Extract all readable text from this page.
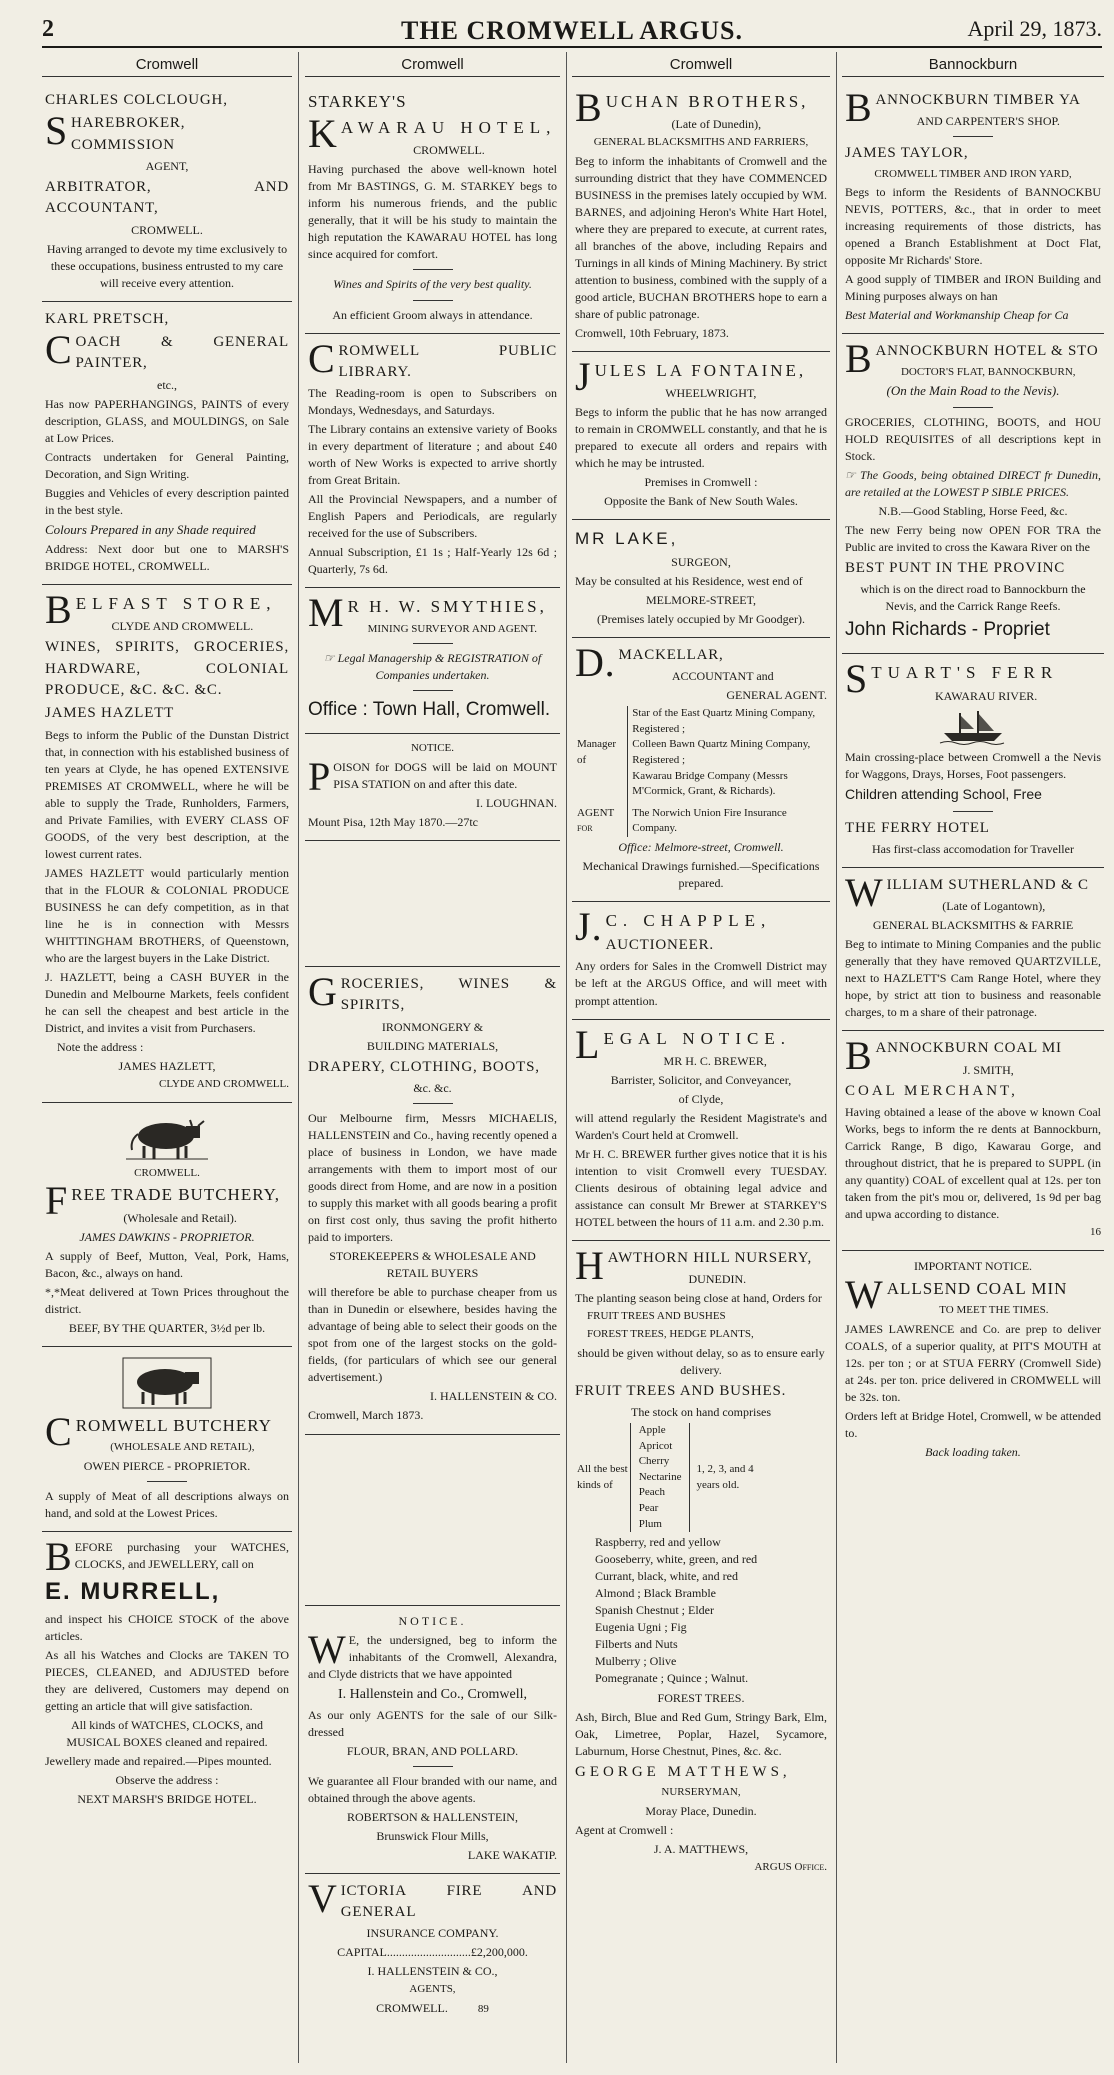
2	THE CROMWELL ARGUS.	April 29, 1873.
Cromwell

CHARLES COLCLOUGH,

SHAREBROKER, COMMISSION

AGENT,

ARBITRATOR, AND ACCOUNTANT,

CROMWELL.

Having arranged to devote my time exclusively to these occupations, business entrusted to my care will receive every attention.

KARL PRETSCH,

COACH & GENERAL PAINTER,

etc.,

Has now PAPERHANGINGS, PAINTS of every description, GLASS, and MOULDINGS, on Sale at Low Prices.

Contracts undertaken for General Painting, Decoration, and Sign Writing.

Buggies and Vehicles of every description painted in the best style.

Colours Prepared in any Shade required

Address: Next door but one to MARSH'S BRIDGE HOTEL, CROMWELL.

BELFAST STORE,

CLYDE AND CROMWELL.

WINES, SPIRITS, GROCERIES, HARDWARE, COLONIAL PRODUCE, &C. &C. &C.

JAMES HAZLETT

Begs to inform the Public of the Dunstan District that, in connection with his established business of ten years at Clyde, he has opened EXTENSIVE PREMISES AT CROMWELL, where he will be able to supply the Trade, Runholders, Farmers, and Private Families, with EVERY CLASS OF GOODS, of the very best description, at the lowest current rates.

JAMES HAZLETT would particularly mention that in the FLOUR & COLONIAL PRODUCE BUSINESS he can defy competition, as in that line he is in connection with Messrs WHITTINGHAM BROTHERS, of Queenstown, who are the largest buyers in the Lake District.

J. HAZLETT, being a CASH BUYER in the Dunedin and Melbourne Markets, feels confident he can sell the cheapest and best article in the District, and invites a visit from Purchasers.

Note the address :

JAMES HAZLETT,

CLYDE AND CROMWELL.

CROMWELL.

FREE TRADE BUTCHERY,

(Wholesale and Retail).

JAMES DAWKINS - PROPRIETOR.

A supply of Beef, Mutton, Veal, Pork, Hams, Bacon, &c., always on hand.

*,*Meat delivered at Town Prices throughout the district.

BEEF, BY THE QUARTER, 3½d per lb.

CROMWELL BUTCHERY

(WHOLESALE AND RETAIL),

OWEN PIERCE - PROPRIETOR.

A supply of Meat of all descriptions always on hand, and sold at the Lowest Prices.

BEFORE purchasing your WATCHES, CLOCKS, and JEWELLERY, call on

E. MURRELL,

and inspect his CHOICE STOCK of the above articles.

As all his Watches and Clocks are TAKEN TO PIECES, CLEANED, and ADJUSTED before they are delivered, Customers may depend on getting an article that will give satisfaction.

All kinds of WATCHES, CLOCKS, and MUSICAL BOXES cleaned and repaired.

Jewellery made and repaired.—Pipes mounted.

Observe the address :

NEXT MARSH'S BRIDGE HOTEL.

Cromwell

STARKEY'S

KAWARAU HOTEL,

CROMWELL.

Having purchased the above well-known hotel from Mr BASTINGS, G. M. STARKEY begs to inform his numerous friends, and the public generally, that it will be his study to maintain the high reputation the KAWARAU HOTEL has long since acquired for comfort.

Wines and Spirits of the very best quality.

An efficient Groom always in attendance.

CROMWELL PUBLIC LIBRARY.

The Reading-room is open to Subscribers on Mondays, Wednesdays, and Saturdays.

The Library contains an extensive variety of Books in every department of literature ; and about £40 worth of New Works is expected to arrive shortly from Great Britain.

All the Provincial Newspapers, and a number of English Papers and Periodicals, are regularly received for the use of Subscribers.

Annual Subscription, £1 1s ; Half-Yearly 12s 6d ; Quarterly, 7s 6d.

M R H. W. SMYTHIES,

MINING SURVEYOR AND AGENT.

☞ Legal Managership & REGISTRATION of Companies undertaken.

Office : Town Hall, Cromwell.

NOTICE.

POISON for DOGS will be laid on MOUNT PISA STATION on and after this date.

I. LOUGHNAN.

Mount Pisa, 12th May 1870.—27tc

GROCERIES, WINES & SPIRITS,

IRONMONGERY &

BUILDING MATERIALS,

DRAPERY, CLOTHING, BOOTS,

&c. &c.

Our Melbourne firm, Messrs MICHAELIS, HALLENSTEIN and Co., having recently opened a place of business in London, we have made arrangements with them to import most of our goods direct from Home, and are now in a position to supply this market with all goods bearing a profit on first cost only, thus saving the profit hitherto paid to importers.

STOREKEEPERS & WHOLESALE AND RETAIL BUYERS

will therefore be able to purchase cheaper from us than in Dunedin or elsewhere, besides having the advantage of being able to select their goods on the spot from one of the largest stocks on the gold-fields, (for particulars of which see our general advertisement.)

I. HALLENSTEIN & CO.

Cromwell, March 1873.

NOTICE.

W E, the undersigned, beg to inform the inhabitants of the Cromwell, Alexandra, and Clyde districts that we have appointed

I. Hallenstein and Co., Cromwell,

As our only AGENTS for the sale of our Silk-dressed

FLOUR, BRAN, AND POLLARD.

We guarantee all Flour branded with our name, and obtained through the above agents.

ROBERTSON & HALLENSTEIN,

Brunswick Flour Mills,

LAKE WAKATIP.

VICTORIA FIRE AND GENERAL

INSURANCE COMPANY.

CAPITAL............................£2,200,000.

I. HALLENSTEIN & CO.,

AGENTS,

CROMWELL.	89

Cromwell

BUCHAN BROTHERS,

(Late of Dunedin),

GENERAL BLACKSMITHS AND FARRIERS,

Beg to inform the inhabitants of Cromwell and the surrounding district that they have COMMENCED BUSINESS in the premises lately occupied by WM. BARNES, and adjoining Heron's White Hart Hotel, where they are prepared to execute, at current rates, all branches of the above, including Repairs and Turnings in all kinds of Mining Machinery. By strict attention to business, combined with the supply of a good article, BUCHAN BROTHERS hope to earn a share of public patronage.

Cromwell, 10th February, 1873.

JULES LA FONTAINE,

WHEELWRIGHT,

Begs to inform the public that he has now arranged to remain in CROMWELL constantly, and that he is prepared to execute all orders and repairs with which he may be intrusted.

Premises in Cromwell :

Opposite the Bank of New South Wales.

MR LAKE,

SURGEON,

May be consulted at his Residence, west end of

MELMORE-STREET,

(Premises lately occupied by Mr Goodger).

D. MACKELLAR,

ACCOUNTANT and

GENERAL AGENT.

Manager of	Star of the East Quartz Mining Company, Registered ;
Colleen Bawn Quartz Mining Company, Registered ;
Kawarau Bridge Company (Messrs M'Cormick, Grant, & Richards).

AGENT for	The Norwich Union Fire Insurance Company.

Office: Melmore-street, Cromwell.

Mechanical Drawings furnished.—Specifications prepared.

J. C. CHAPPLE,

AUCTIONEER.

Any orders for Sales in the Cromwell District may be left at the ARGUS Office, and will meet with prompt attention.

LEGAL NOTICE.

MR H. C. BREWER,

Barrister, Solicitor, and Conveyancer,

of Clyde,

will attend regularly the Resident Magistrate's and Warden's Court held at Cromwell.

Mr H. C. BREWER further gives notice that it is his intention to visit Cromwell every TUESDAY. Clients desirous of obtaining legal advice and assistance can consult Mr Brewer at STARKEY'S HOTEL between the hours of 11 a.m. and 2.30 p.m.

HAWTHORN HILL NURSERY,

DUNEDIN.

The planting season being close at hand, Orders for

FRUIT TREES AND BUSHES

FOREST TREES, HEDGE PLANTS,

should be given without delay, so as to ensure early delivery.

FRUIT TREES AND BUSHES.

The stock on hand comprises

All the best
kinds of

Apple
Apricot
Cherry
Nectarine
Peach
Pear
Plum

1, 2, 3, and 4
years old.
Raspberry, red and yellow
Gooseberry, white, green, and red
Currant, black, white, and red
Almond ; Black Bramble
Spanish Chestnut ; Elder
Eugenia Ugni ; Fig
Filberts and Nuts
Mulberry ; Olive
Pomegranate ; Quince ; Walnut.

FOREST TREES.

Ash, Birch, Blue and Red Gum, Stringy Bark, Elm, Oak, Limetree, Poplar, Hazel, Sycamore, Laburnum, Horse Chestnut, Pines, &c. &c.

GEORGE MATTHEWS,

NURSERYMAN,

Moray Place, Dunedin.

Agent at Cromwell :

J. A. MATTHEWS,

ARGUS Office.

Bannockburn

BANNOCKBURN TIMBER YA

AND CARPENTER'S SHOP.

JAMES TAYLOR,

CROMWELL TIMBER AND IRON YARD,

Begs to inform the Residents of BANNOCKBU NEVIS, POTTERS, &c., that in order to meet increasing requirements of those districts, has opened a Branch Establishment at Doct Flat, opposite Mr Richards' Store.

A good supply of TIMBER and IRON Building and Mining purposes always on han

Best Material and Workmanship Cheap for Ca

BANNOCKBURN HOTEL & STO

DOCTOR'S FLAT, BANNOCKBURN,

(On the Main Road to the Nevis).

GROCERIES, CLOTHING, BOOTS, and HOU HOLD REQUISITES of all descriptions kept in Stock.

☞ The Goods, being obtained DIRECT fr Dunedin, are retailed at the LOWEST P SIBLE PRICES.

N.B.—Good Stabling, Horse Feed, &c.

The new Ferry being now OPEN FOR TRA the Public are invited to cross the Kawara River on the

BEST PUNT IN THE PROVINC

which is on the direct road to Bannockburn the Nevis, and the Carrick Range Reefs.

John Richards - Propriet

STUART'S FERR

KAWARAU RIVER.

Main crossing-place between Cromwell a the Nevis for Waggons, Drays, Horses, Foot passengers.

Children attending School, Free

THE FERRY HOTEL

Has first-class accomodation for Traveller

WILLIAM SUTHERLAND & C

(Late of Logantown),

GENERAL BLACKSMITHS & FARRIE

Beg to intimate to Mining Companies and the public generally that they have removed QUARTZVILLE, next to HAZLETT'S Cam Range Hotel, where they hope, by strict att tion to business and reasonable charges, to m a share of their patronage.

BANNOCKBURN COAL MI

J. SMITH,

COAL MERCHANT,

Having obtained a lease of the above w known Coal Works, begs to inform the re dents at Bannockburn, Carrick Range, B digo, Kawarau Gorge, and throughout district, that he is prepared to SUPPL (in any quantity) COAL of excellent qual at 12s. per ton taken from the pit's mou or, delivered, 1s 9d per bag and upwa according to distance.

16

IMPORTANT NOTICE.

WALLSEND COAL MIN

TO MEET THE TIMES.

JAMES LAWRENCE and Co. are prep to deliver COALS, of a superior quality, at PIT'S MOUTH at 12s. per ton ; or at STUA FERRY (Cromwell Side) at 24s. per ton. price delivered in CROMWELL will be 32s. ton.

Orders left at Bridge Hotel, Cromwell, w be attended to.

Back loading taken.
